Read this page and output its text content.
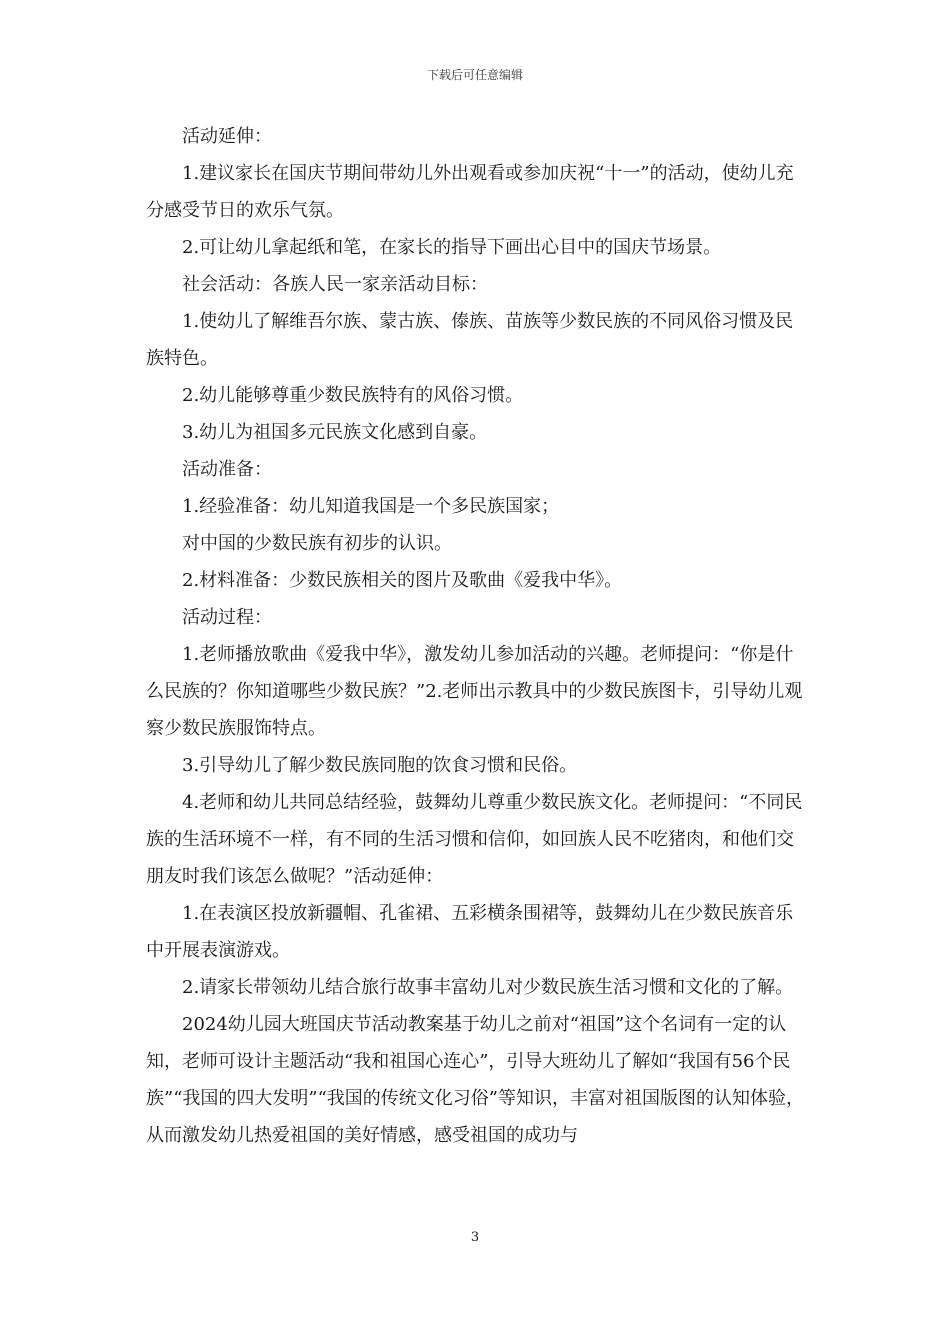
下载后可任意编辑

　　活动延伸：

　　1.建议家长在国庆节期间带幼儿外出观看或参加庆祝“十一”的活动，使幼儿充分感受节日的欢乐气氛。

　　2.可让幼儿拿起纸和笔，在家长的指导下画出心目中的国庆节场景。

　　社会活动：各族人民一家亲活动目标：

　　1.使幼儿了解维吾尔族、蒙古族、傣族、苗族等少数民族的不同风俗习惯及民族特色。

　　2.幼儿能够尊重少数民族特有的风俗习惯。

　　3.幼儿为祖国多元民族文化感到自豪。

　　活动准备：

　　1.经验准备：幼儿知道我国是一个多民族国家；

　　对中国的少数民族有初步的认识。

　　2.材料准备：少数民族相关的图片及歌曲《爱我中华》。

　　活动过程：

　　1.老师播放歌曲《爱我中华》，激发幼儿参加活动的兴趣。老师提问：“你是什么民族的？你知道哪些少数民族？”2.老师出示教具中的少数民族图卡，引导幼儿观察少数民族服饰特点。

　　3.引导幼儿了解少数民族同胞的饮食习惯和民俗。

　　4.老师和幼儿共同总结经验，鼓舞幼儿尊重少数民族文化。老师提问：“不同民族的生活环境不一样，有不同的生活习惯和信仰，如回族人民不吃猪肉，和他们交朋友时我们该怎么做呢？”活动延伸：

　　1.在表演区投放新疆帽、孔雀裙、五彩横条围裙等，鼓舞幼儿在少数民族音乐中开展表演游戏。

　　2.请家长带领幼儿结合旅行故事丰富幼儿对少数民族生活习惯和文化的了解。

　　2024幼儿园大班国庆节活动教案基于幼儿之前对“祖国”这个名词有一定的认知，老师可设计主题活动“我和祖国心连心”，引导大班幼儿了解如“我国有56个民族”“我国的四大发明”“我国的传统文化习俗”等知识，丰富对祖国版图的认知体验，从而激发幼儿热爱祖国的美好情感，感受祖国的成功与

3
